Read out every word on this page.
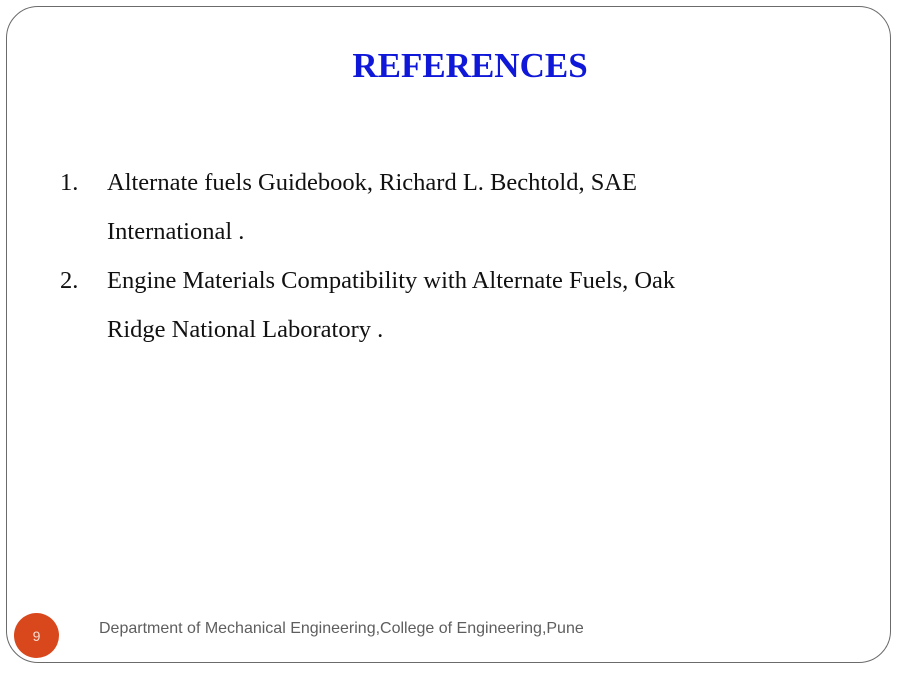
REFERENCES
1. Alternate fuels Guidebook, Richard L. Bechtold, SAE
International .
2. Engine Materials Compatibility with Alternate Fuels, Oak
Ridge National Laboratory .
9	Department of Mechanical Engineering,College of Engineering,Pune
